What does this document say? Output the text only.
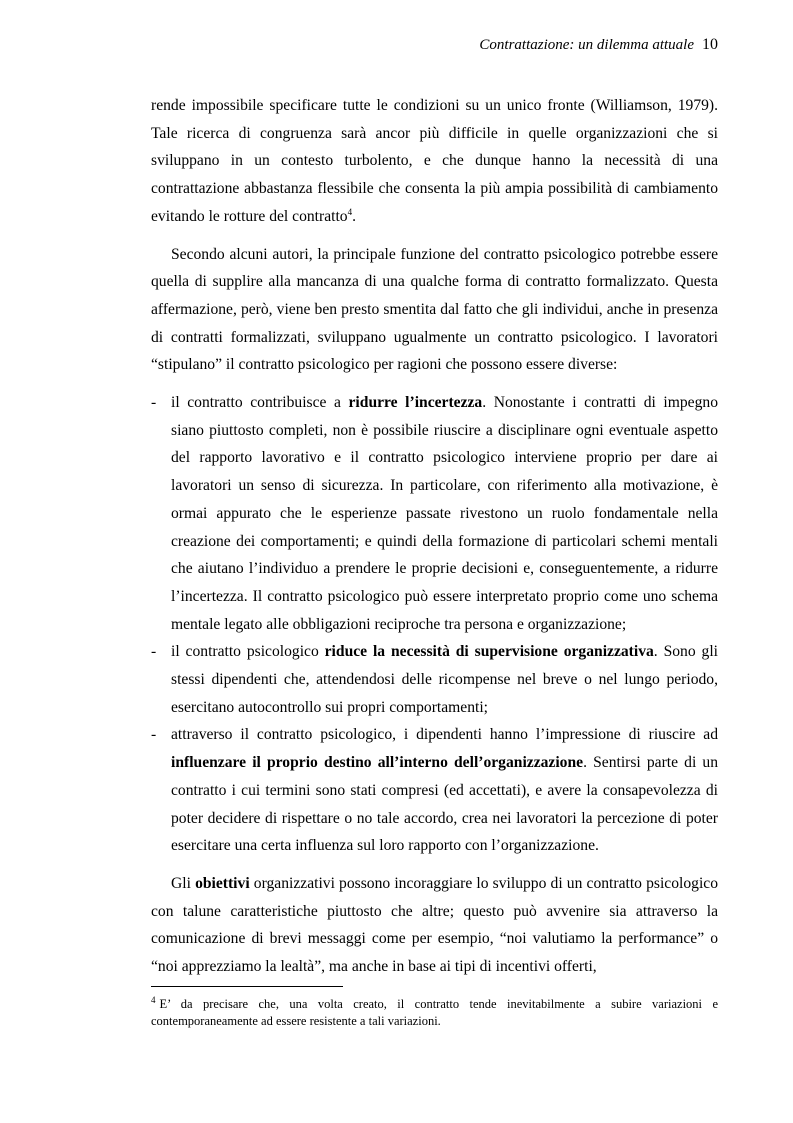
Contrattazione: un dilemma attuale 10

rende impossibile specificare tutte le condizioni su un unico fronte (Williamson, 1979). Tale ricerca di congruenza sarà ancor più difficile in quelle organizzazioni che si sviluppano in un contesto turbolento, e che dunque hanno la necessità di una contrattazione abbastanza flessibile che consenta la più ampia possibilità di cambiamento evitando le rotture del contratto$^4$.

Secondo alcuni autori, la principale funzione del contratto psicologico potrebbe essere quella di supplire alla mancanza di una qualche forma di contratto formalizzato. Questa affermazione, però, viene ben presto smentita dal fatto che gli individui, anche in presenza di contratti formalizzati, sviluppano ugualmente un contratto psicologico. I lavoratori “stipulano” il contratto psicologico per ragioni che possono essere diverse:

- il contratto contribuisce a ridurre l’incertezza. Nonostante i contratti di impegno siano piuttosto completi, non è possibile riuscire a disciplinare ogni eventuale aspetto del rapporto lavorativo e il contratto psicologico interviene proprio per dare ai lavoratori un senso di sicurezza. In particolare, con riferimento alla motivazione, è ormai appurato che le esperienze passate rivestono un ruolo fondamentale nella creazione dei comportamenti; e quindi della formazione di particolari schemi mentali che aiutano l’individuo a prendere le proprie decisioni e, conseguentemente, a ridurre l’incertezza. Il contratto psicologico può essere interpretato proprio come uno schema mentale legato alle obbligazioni reciproche tra persona e organizzazione;
- il contratto psicologico riduce la necessità di supervisione organizzativa. Sono gli stessi dipendenti che, attendendosi delle ricompense nel breve o nel lungo periodo, esercitano autocontrollo sui propri comportamenti;
- attraverso il contratto psicologico, i dipendenti hanno l’impressione di riuscire ad influenzare il proprio destino all’interno dell’organizzazione. Sentirsi parte di un contratto i cui termini sono stati compresi (ed accettati), e avere la consapevolezza di poter decidere di rispettare o no tale accordo, crea nei lavoratori la percezione di poter esercitare una certa influenza sul loro rapporto con l’organizzazione.

Gli obiettivi organizzativi possono incoraggiare lo sviluppo di un contratto psicologico con talune caratteristiche piuttosto che altre; questo può avvenire sia attraverso la comunicazione di brevi messaggi come per esempio, “noi valutiamo la performance” o “noi apprezziamo la lealtà”, ma anche in base ai tipi di incentivi offerti,

$^4$ E’ da precisare che, una volta creato, il contratto tende inevitabilmente a subire variazioni e contemporaneamente ad essere resistente a tali variazioni.
